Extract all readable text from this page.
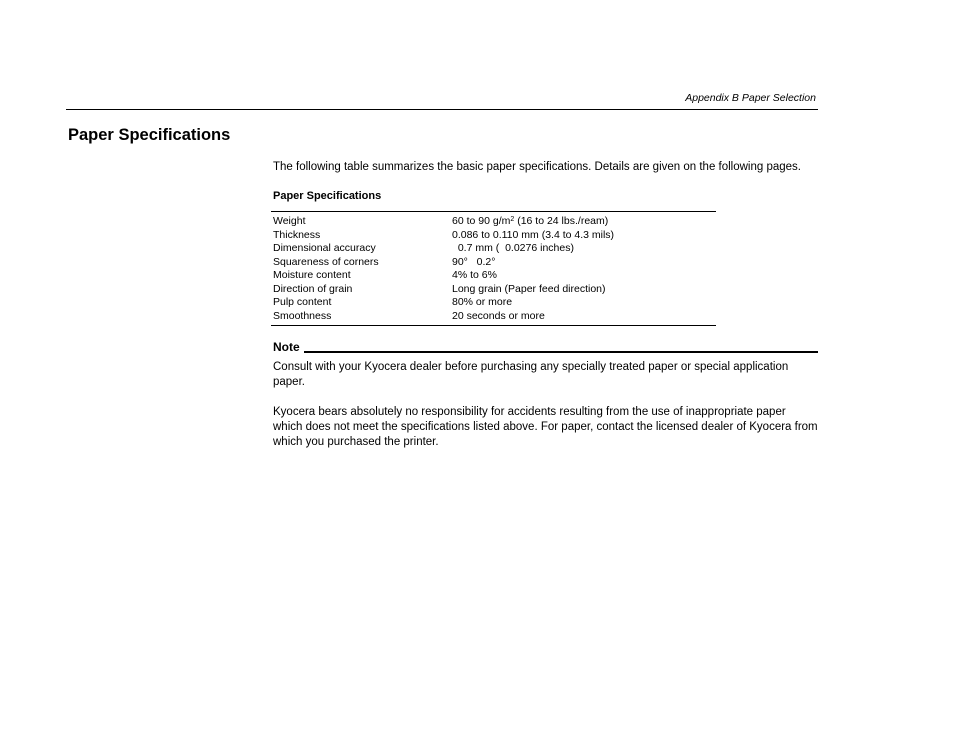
Appendix B Paper Selection
Paper Specifications

The following table summarizes the basic paper specifications. Details are given on the following pages.

Paper Specifications

Weight	60 to 90 $g/m^2$ (16 to 24 lbs./ream)
Thickness	0.086 to 0.110 mm (3.4 to 4.3 mils)
Dimensional accuracy	0.7 mm (  0.0276 inches)
Squareness of corners	90°   0.2°
Moisture content	4% to 6%
Direction of grain	Long grain (Paper feed direction)
Pulp content	80% or more
Smoothness	20 seconds or more
Note

Consult with your Kyocera dealer before purchasing any specially treated paper or special application paper.

Kyocera bears absolutely no responsibility for accidents resulting from the use of inappropriate paper which does not meet the specifications listed above. For paper, contact the licensed dealer of Kyocera from which you purchased the printer.
